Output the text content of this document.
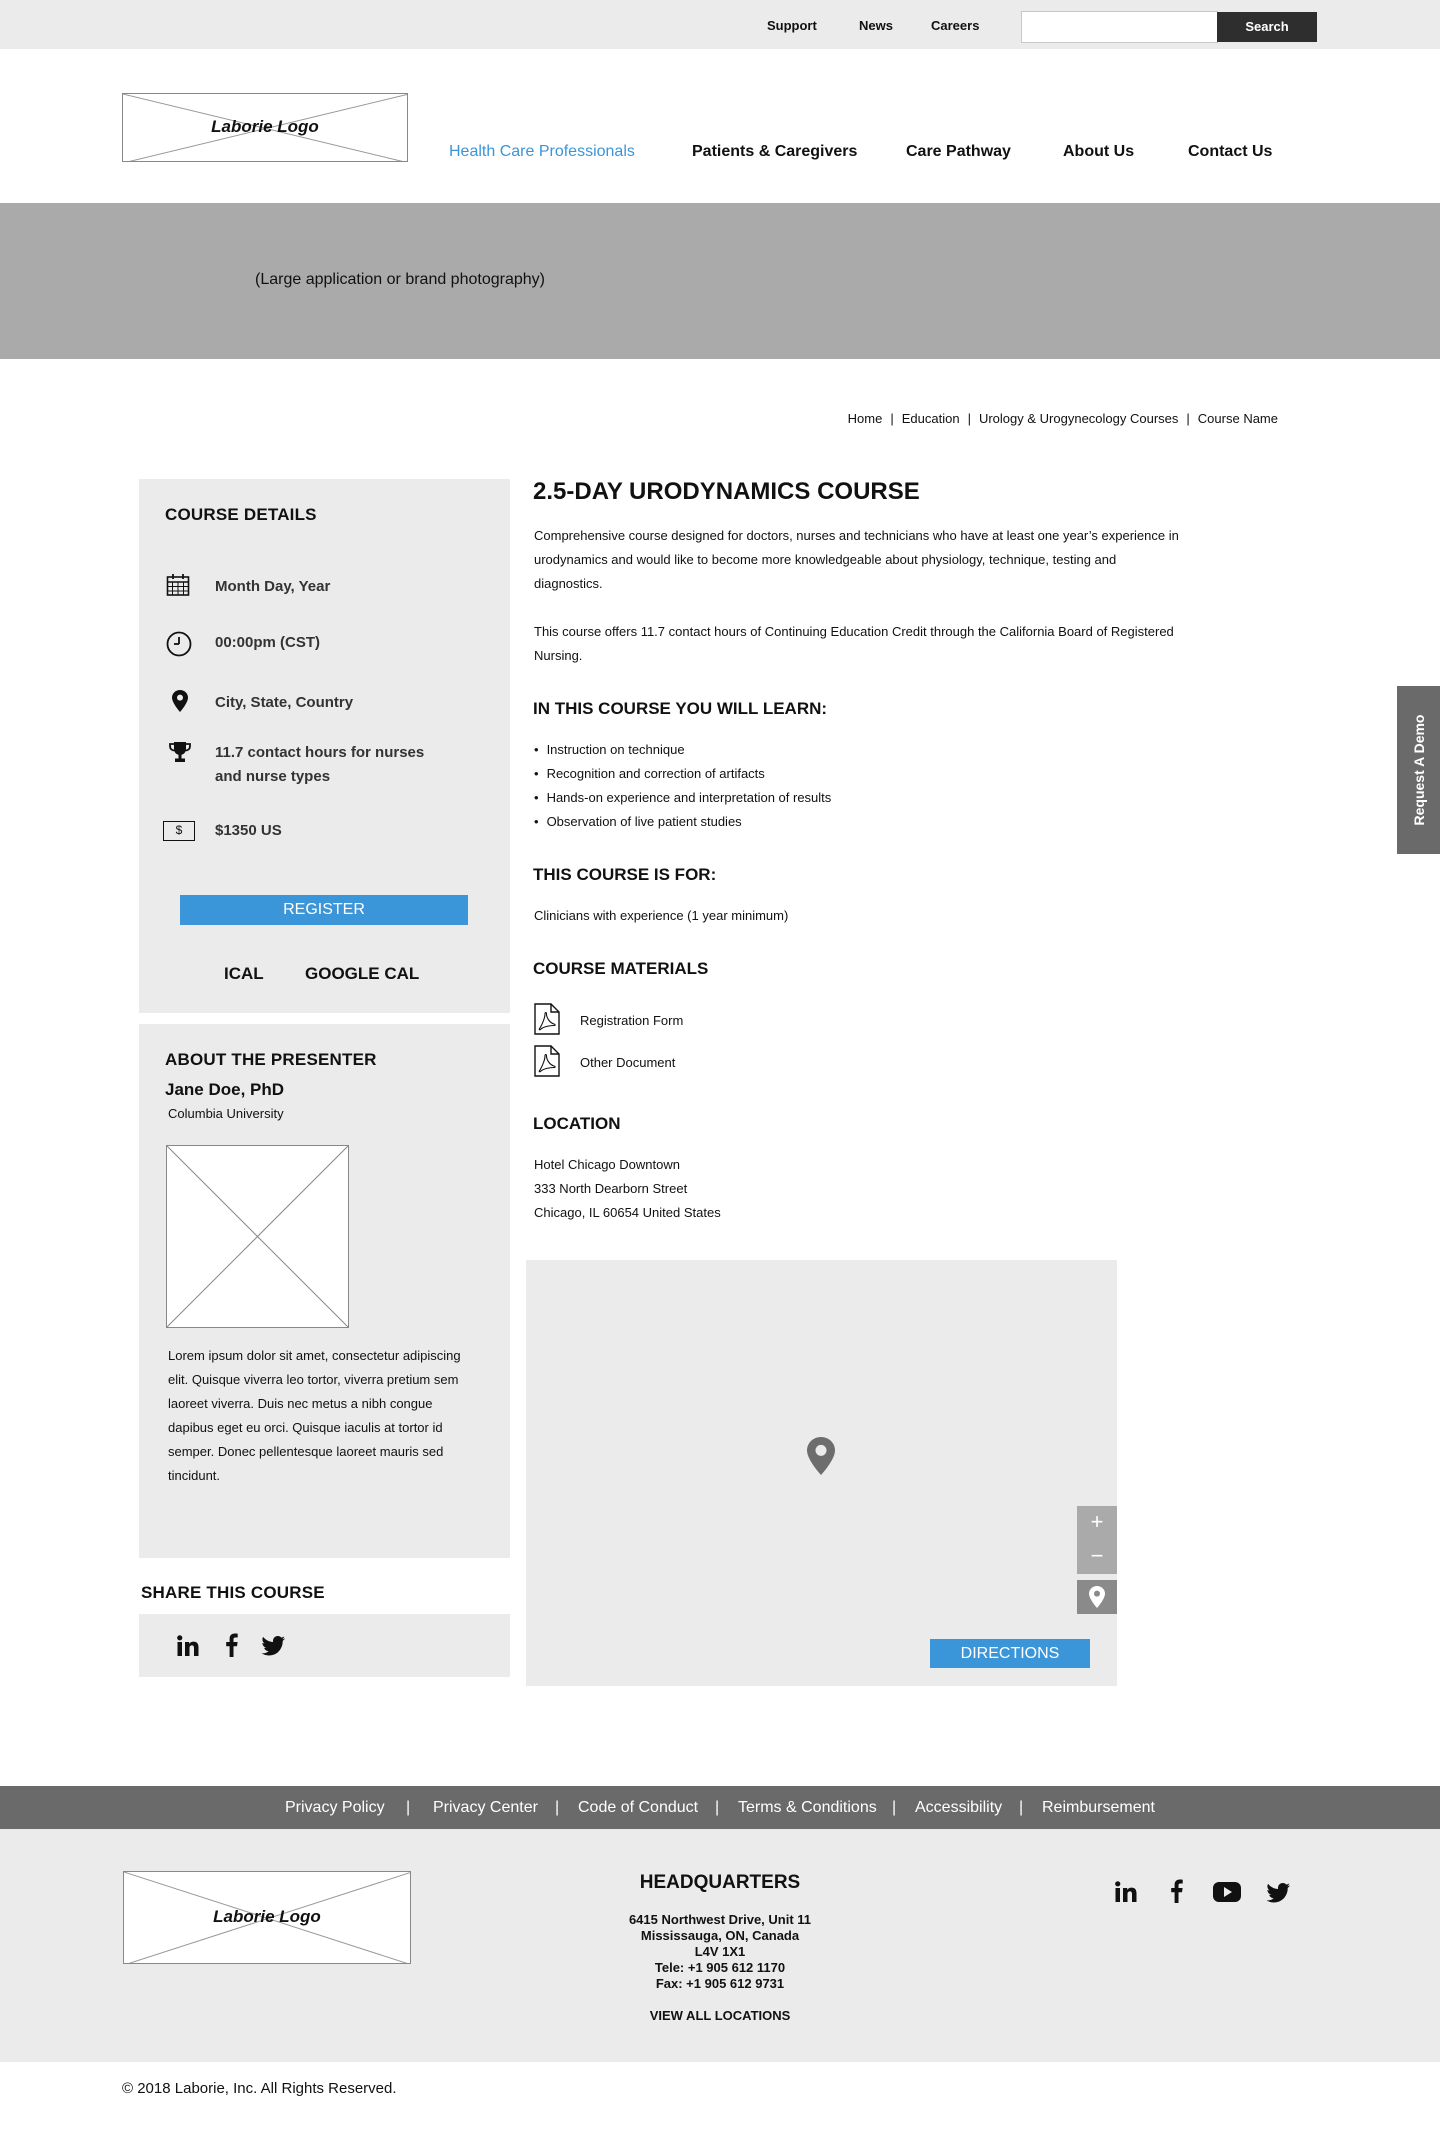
Support	News	Careers	Search
Laborie Logo
Health Care Professionals	Patients & Caregivers	Care Pathway	About Us	Contact Us
(Large application or brand photography)
Home | Education | Urology & Urogynecology Courses | Course Name
COURSE DETAILS
Month Day, Year
00:00pm (CST)
City, State, Country
11.7 contact hours for nurses
and nurse types
$	$1350 US
REGISTER
ICAL GOOGLE CAL
ABOUT THE PRESENTER
Jane Doe, PhD
Columbia University
Lorem ipsum dolor sit amet, consectetur adipiscing
elit. Quisque viverra leo tortor, viverra pretium sem
laoreet viverra. Duis nec metus a nibh congue
dapibus eget eu orci. Quisque iaculis at tortor id
semper. Donec pellentesque laoreet mauris sed
tincidunt.
SHARE THIS COURSE
2.5-DAY URODYNAMICS COURSE
Comprehensive course designed for doctors, nurses and technicians who have at least one year’s experience in
urodynamics and would like to become more knowledgeable about physiology, technique, testing and
diagnostics.
This course offers 11.7 contact hours of Continuing Education Credit through the California Board of Registered
Nursing.
IN THIS COURSE YOU WILL LEARN:
• Instruction on technique
• Recognition and correction of artifacts
• Hands-on experience and interpretation of results
• Observation of live patient studies
THIS COURSE IS FOR:
Clinicians with experience (1 year minimum)
COURSE MATERIALS
Registration Form
Other Document
LOCATION
Hotel Chicago Downtown
333 North Dearborn Street
Chicago, IL 60654 United States
+
−
DIRECTIONS
Request A Demo
Privacy Policy | Privacy Center | Code of Conduct | Terms & Conditions | Accessibility | Reimbursement
Laborie Logo
HEADQUARTERS
6415 Northwest Drive, Unit 11
Mississauga, ON, Canada
L4V 1X1
Tele: +1 905 612 1170
Fax: +1 905 612 9731
VIEW ALL LOCATIONS
© 2018 Laborie, Inc. All Rights Reserved.
